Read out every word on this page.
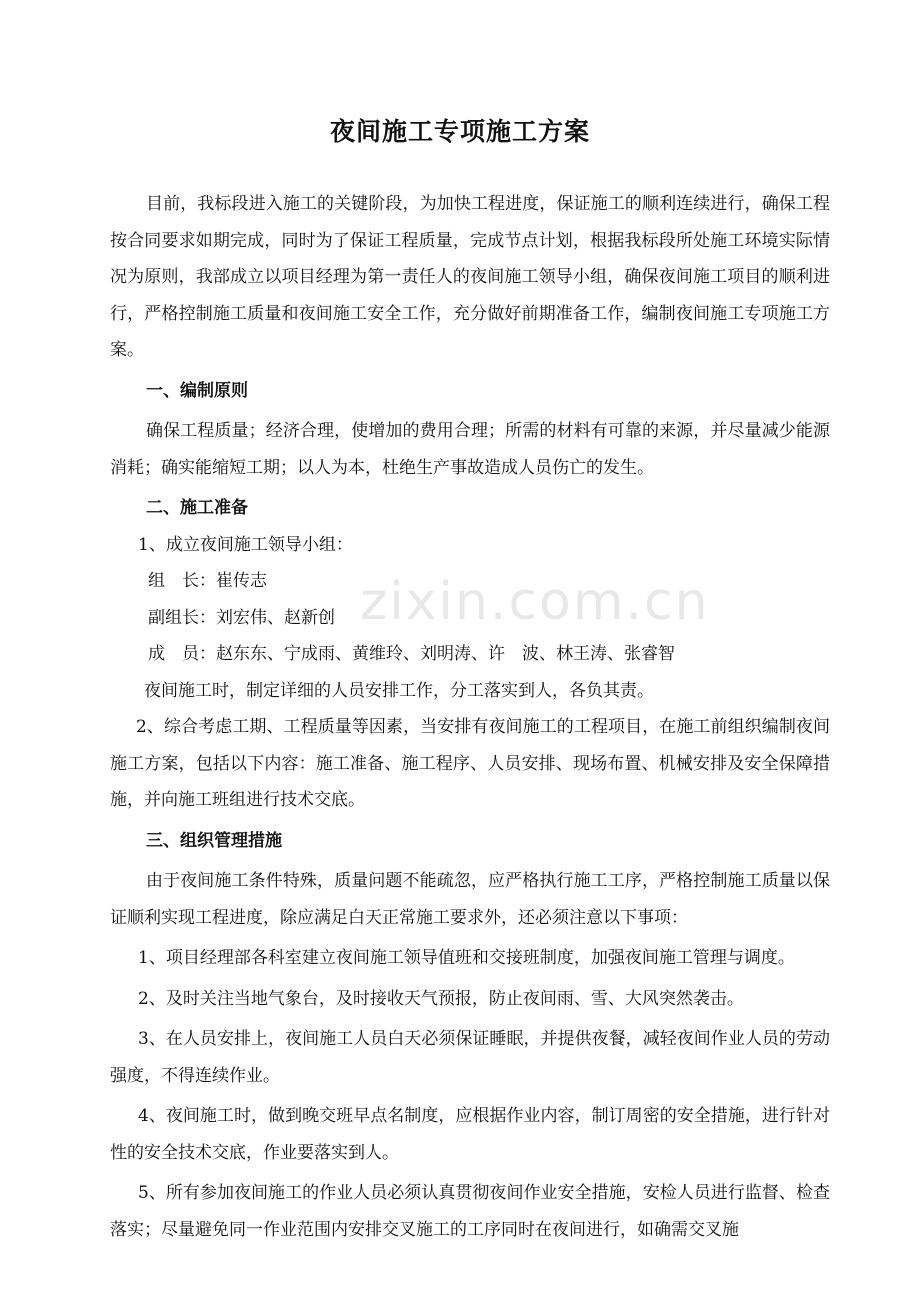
zixin.com.cn
夜间施工专项施工方案

目前，我标段进入施工的关键阶段，为加快工程进度，保证施工的顺利连续进行，确保工程按合同要求如期完成，同时为了保证工程质量，完成节点计划，根据我标段所处施工环境实际情况为原则，我部成立以项目经理为第一责任人的夜间施工领导小组，确保夜间施工项目的顺利进行，严格控制施工质量和夜间施工安全工作，充分做好前期准备工作，编制夜间施工专项施工方案。

一、编制原则

确保工程质量；经济合理，使增加的费用合理；所需的材料有可靠的来源，并尽量减少能源消耗；确实能缩短工期；以人为本，杜绝生产事故造成人员伤亡的发生。

二、施工准备

1、成立夜间施工领导小组：

组　长：崔传志

副组长：刘宏伟、赵新创

成　员：赵东东、宁成雨、黄维玲、刘明涛、许　波、林王涛、张睿智

夜间施工时，制定详细的人员安排工作，分工落实到人，各负其责。

2、综合考虑工期、工程质量等因素，当安排有夜间施工的工程项目，在施工前组织编制夜间施工方案，包括以下内容：施工准备、施工程序、人员安排、现场布置、机械安排及安全保障措施，并向施工班组进行技术交底。

三、组织管理措施

由于夜间施工条件特殊，质量问题不能疏忽，应严格执行施工工序，严格控制施工质量以保证顺利实现工程进度，除应满足白天正常施工要求外，还必须注意以下事项：

1、项目经理部各科室建立夜间施工领导值班和交接班制度，加强夜间施工管理与调度。

2、及时关注当地气象台，及时接收天气预报，防止夜间雨、雪、大风突然袭击。

3、在人员安排上，夜间施工人员白天必须保证睡眠，并提供夜餐，减轻夜间作业人员的劳动强度，不得连续作业。

4、夜间施工时，做到晚交班早点名制度，应根据作业内容，制订周密的安全措施，进行针对性的安全技术交底，作业要落实到人。

5、所有参加夜间施工的作业人员必须认真贯彻夜间作业安全措施，安检人员进行监督、检查落实；尽量避免同一作业范围内安排交叉施工的工序同时在夜间进行，如确需交叉施
